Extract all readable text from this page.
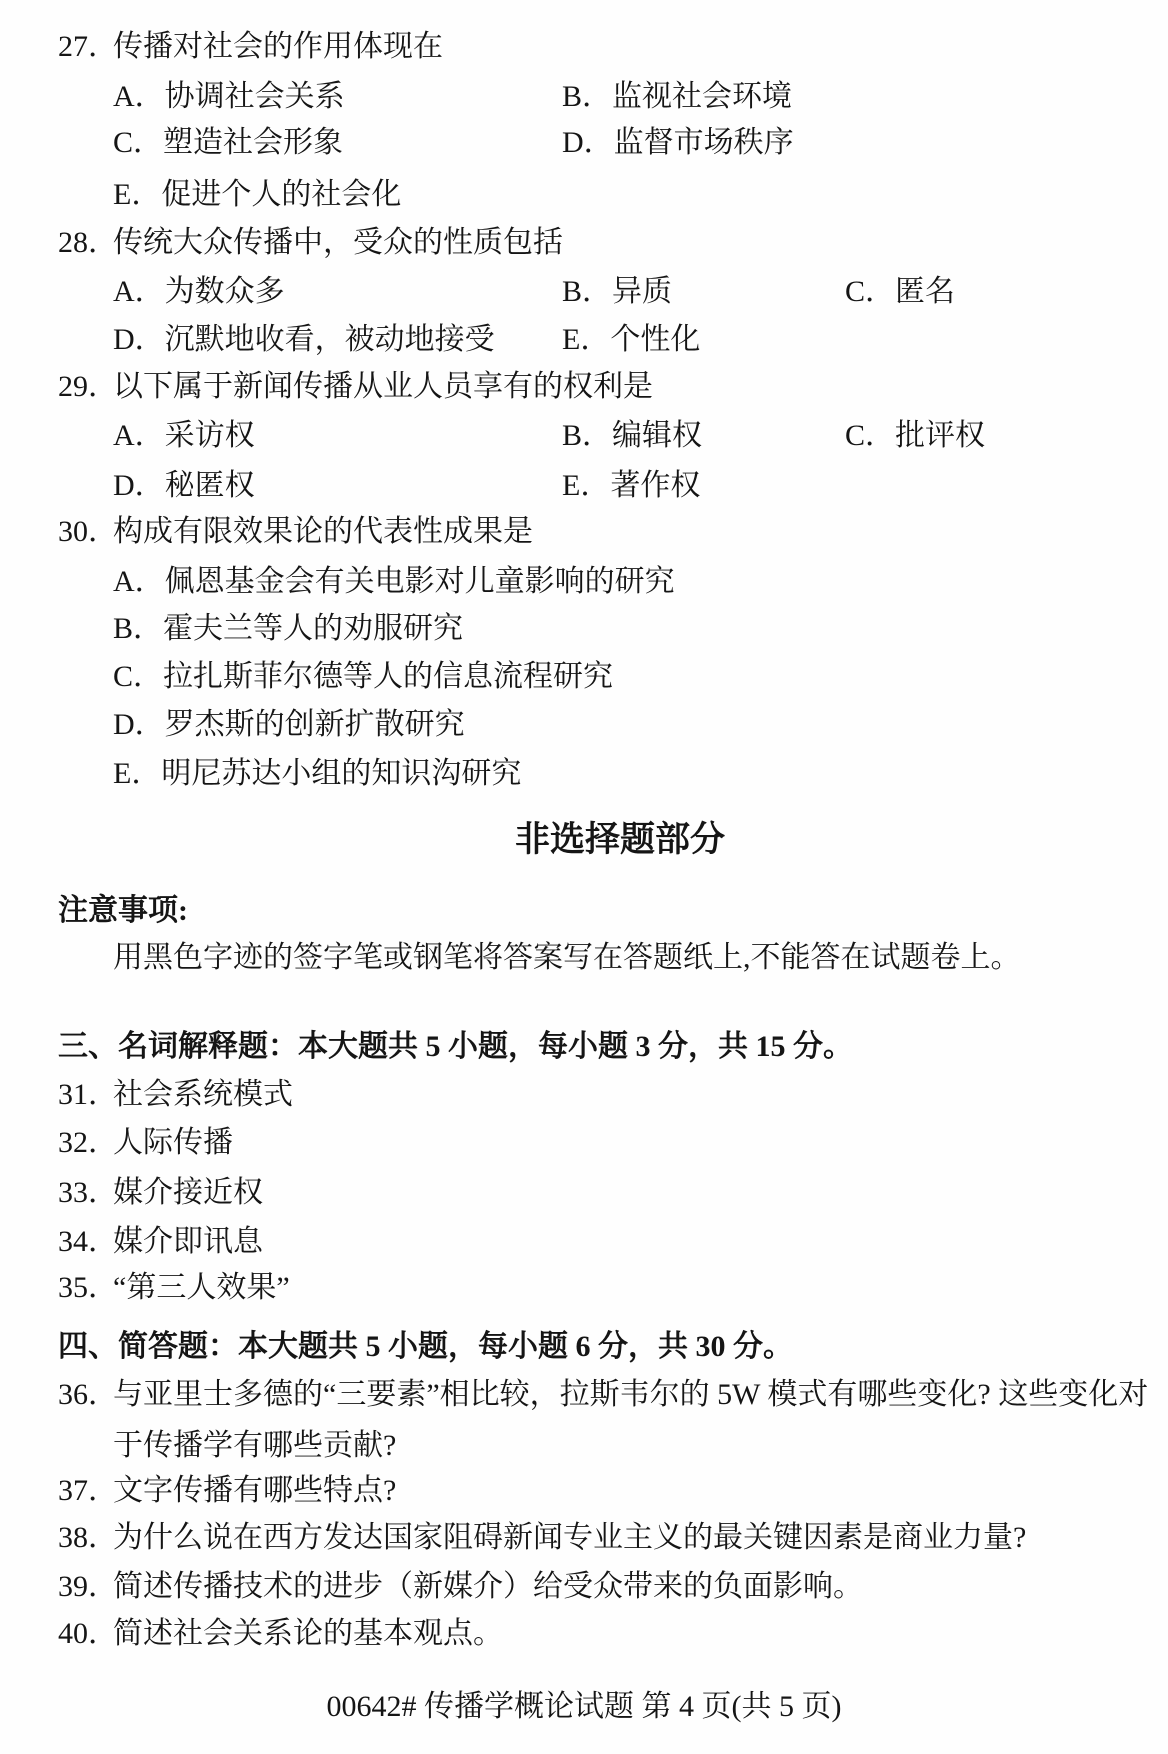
27．
传播对社会的作用体现在
A．协调社会关系	B．监视社会环境
C．塑造社会形象	D．监督市场秩序
E．促进个人的社会化
28．
传统大众传播中，受众的性质包括
A．为数众多	B．异质	C．匿名
D．沉默地收看，被动地接受 E．个性化
29．
以下属于新闻传播从业人员享有的权利是
A．采访权	B．编辑权	C．批评权
D．秘匿权	E．著作权
30．
构成有限效果论的代表性成果是
A．佩恩基金会有关电影对儿童影响的研究
B．霍夫兰等人的劝服研究
C．拉扎斯菲尔德等人的信息流程研究
D．罗杰斯的创新扩散研究
E．明尼苏达小组的知识沟研究
非选择题部分
注意事项:
用黑色字迹的签字笔或钢笔将答案写在答题纸上,不能答在试题卷上。
三、名词解释题：本大题共 5 小题，每小题 3 分，共 15 分。
31．
社会系统模式
32．
人际传播
33．
媒介接近权
34．
媒介即讯息
35．
“第三人效果”
四、简答题：本大题共 5 小题，每小题 6 分，共 30 分。
36．
与亚里士多德的“三要素”相比较，拉斯韦尔的 5W 模式有哪些变化? 这些变化对
于传播学有哪些贡献?
37．
文字传播有哪些特点?
38．
为什么说在西方发达国家阻碍新闻专业主义的最关键因素是商业力量?
39．
简述传播技术的进步（新媒介）给受众带来的负面影响。
40．
简述社会关系论的基本观点。
00642# 传播学概论试题 第 4 页(共 5 页)
